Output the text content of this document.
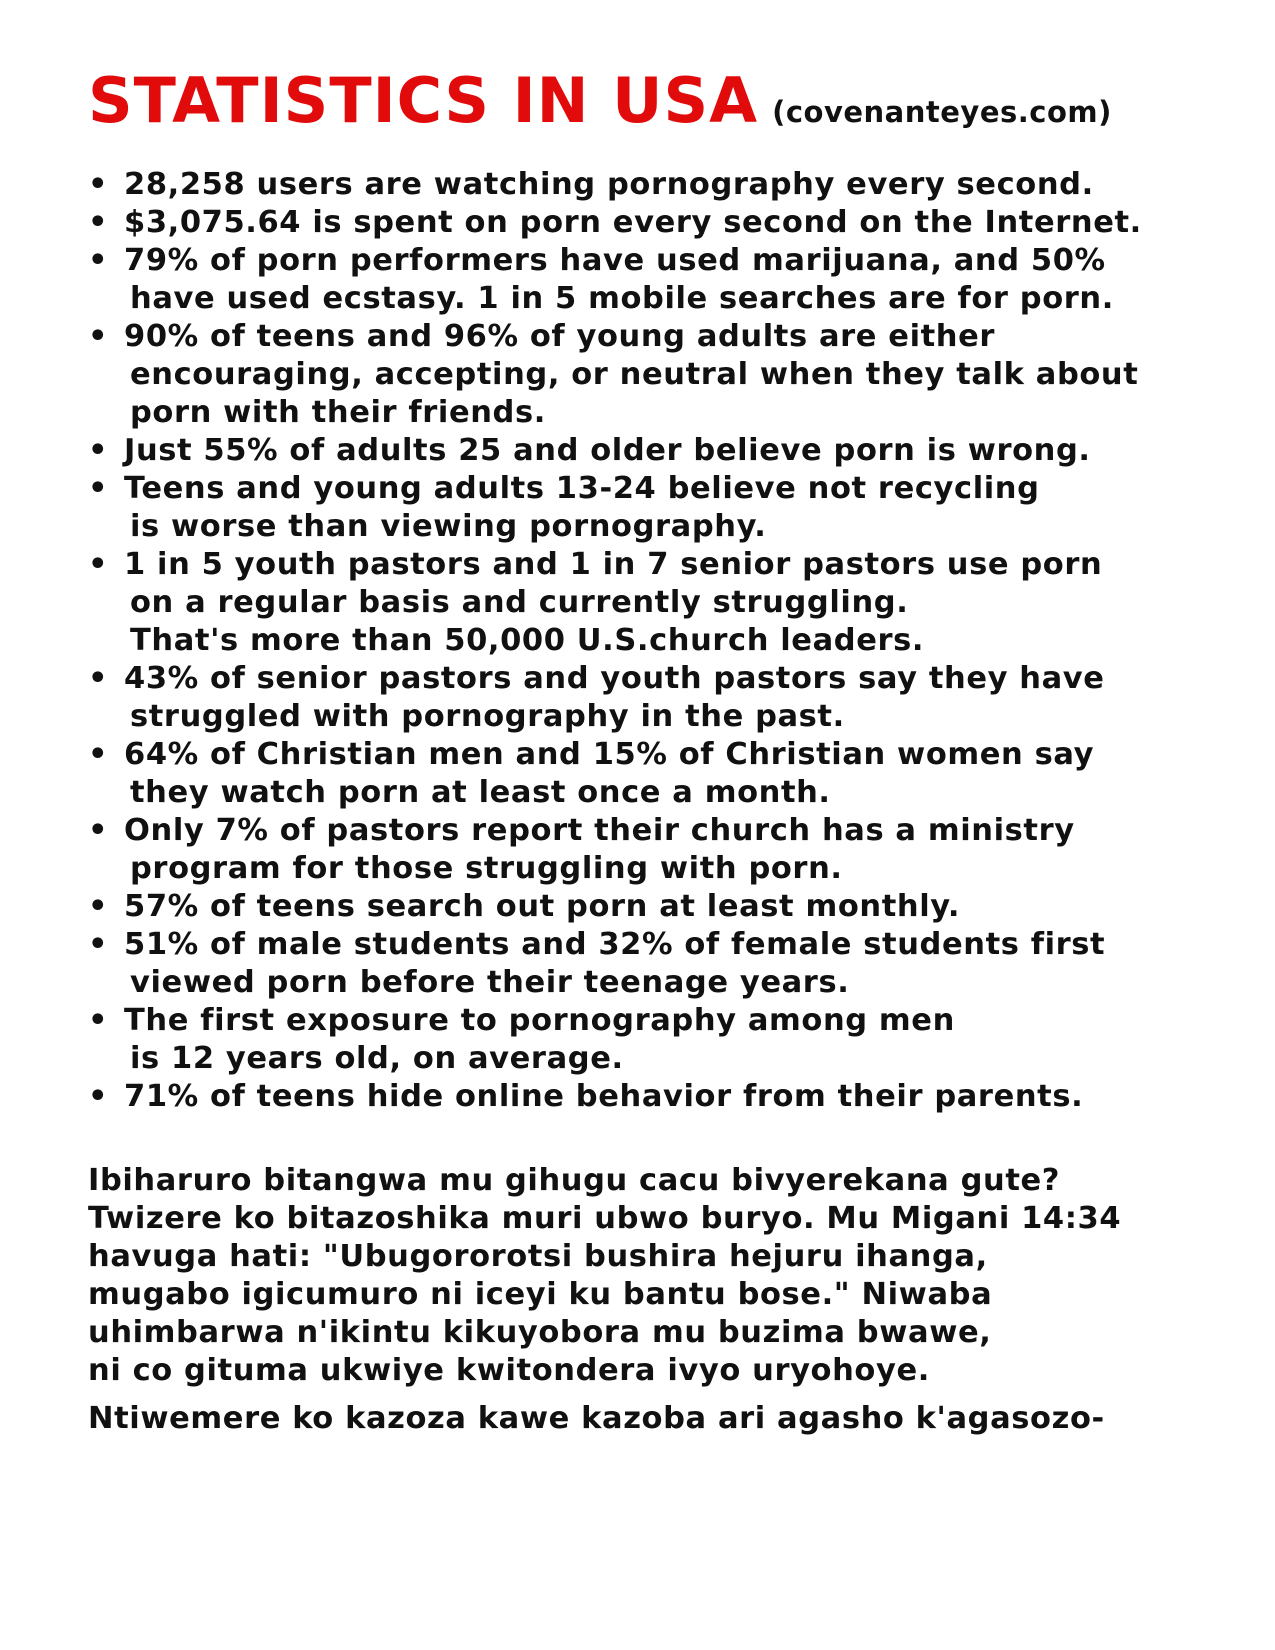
STATISTICS IN USA (covenanteyes.com)
• 28,258 users are watching pornography every second.
• $3,075.64 is spent on porn every second on the Internet.
• 79% of porn performers have used marijuana, and 50%
have used ecstasy. 1 in 5 mobile searches are for porn.
• 90% of teens and 96% of young adults are either
encouraging, accepting, or neutral when they talk about
porn with their friends.
• Just 55% of adults 25 and older believe porn is wrong.
• Teens and young adults 13-24 believe not recycling
is worse than viewing pornography.
• 1 in 5 youth pastors and 1 in 7 senior pastors use porn
on a regular basis and currently struggling.
That's more than 50,000 U.S.church leaders.
• 43% of senior pastors and youth pastors say they have
struggled with pornography in the past.
• 64% of Christian men and 15% of Christian women say
they watch porn at least once a month.
• Only 7% of pastors report their church has a ministry
program for those struggling with porn.
• 57% of teens search out porn at least monthly.
• 51% of male students and 32% of female students first
viewed porn before their teenage years.
• The first exposure to pornography among men
is 12 years old, on average.
• 71% of teens hide online behavior from their parents.
Ibiharuro bitangwa mu gihugu cacu bivyerekana gute?
Twizere ko bitazoshika muri ubwo buryo. Mu Migani 14:34
havuga hati: "Ubugororotsi bushira hejuru ihanga,
mugabo igicumuro ni iceyi ku bantu bose." Niwaba
uhimbarwa n'ikintu kikuyobora mu buzima bwawe,
ni co gituma ukwiye kwitondera ivyo uryohoye.
Ntiwemere ko kazoza kawe kazoba ari agasho k'agasozo-
